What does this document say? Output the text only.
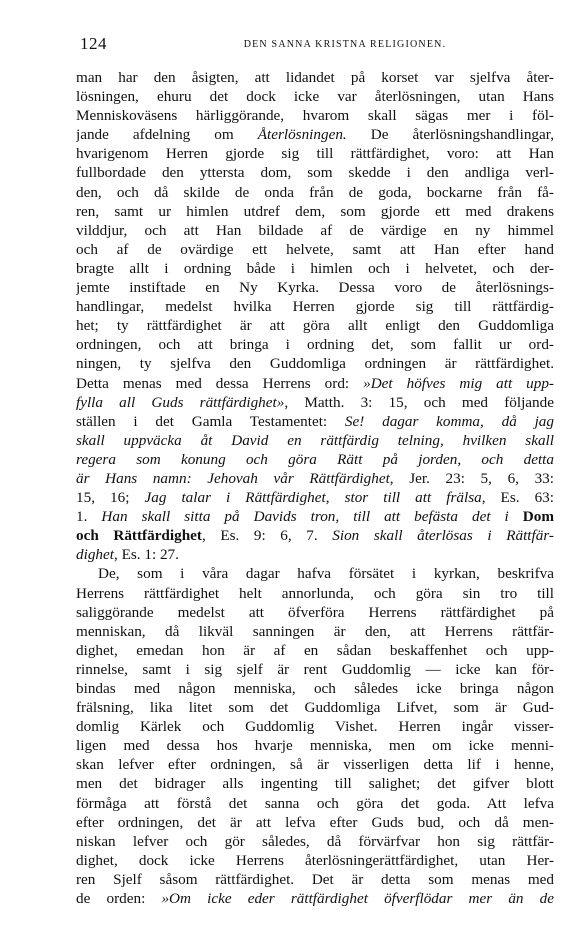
124	DEN SANNA KRISTNA RELIGIONEN.
man har den åsigten, att lidandet på korset var sjelfva åter-
lösningen, ehuru det dock icke var återlösningen, utan Hans
Menniskoväsens härliggörande, hvarom skall sägas mer i föl-
jande afdelning om Återlösningen. De återlösningshandlingar,
hvarigenom Herren gjorde sig till rättfärdighet, voro: att Han
fullbordade den yttersta dom, som skedde i den andliga verl-
den, och då skilde de onda från de goda, bockarne från få-
ren, samt ur himlen utdref dem, som gjorde ett med drakens
vilddjur, och att Han bildade af de värdige en ny himmel
och af de ovärdige ett helvete, samt att Han efter hand
bragte allt i ordning både i himlen och i helvetet, och der-
jemte instiftade en Ny Kyrka. Dessa voro de återlösnings-
handlingar, medelst hvilka Herren gjorde sig till rättfärdig-
het; ty rättfärdighet är att göra allt enligt den Guddomliga
ordningen, och att bringa i ordning det, som fallit ur ord-
ningen, ty sjelfva den Guddomliga ordningen är rättfärdighet.
Detta menas med dessa Herrens ord: »Det höfves mig att upp-
fylla all Guds rättfärdighet», Matth. 3: 15, och med följande
ställen i det Gamla Testamentet: Se! dagar komma, då jag
skall uppväcka åt David en rättfärdig telning, hvilken skall
regera som konung och göra Rätt på jorden, och detta
är Hans namn: Jehovah vår Rättfärdighet, Jer. 23: 5, 6, 33:
15, 16; Jag talar i Rättfärdighet, stor till att frälsa, Es. 63:
1. Han skall sitta på Davids tron, till att befästa det i Dom
och Rättfärdighet, Es. 9: 6, 7. Sion skall återlösas i Rättfär-
dighet, Es. 1: 27.
De, som i våra dagar hafva försätet i kyrkan, beskrifva
Herrens rättfärdighet helt annorlunda, och göra sin tro till
saliggörande medelst att öfverföra Herrens rättfärdighet på
menniskan, då likväl sanningen är den, att Herrens rättfär-
dighet, emedan hon är af en sådan beskaffenhet och upp-
rinnelse, samt i sig sjelf är rent Guddomlig — icke kan för-
bindas med någon menniska, och således icke bringa någon
frälsning, lika litet som det Guddomliga Lifvet, som är Gud-
domlig Kärlek och Guddomlig Vishet. Herren ingår visser-
ligen med dessa hos hvarje menniska, men om icke menni-
skan lefver efter ordningen, så är visserligen detta lif i henne,
men det bidrager alls ingenting till salighet; det gifver blott
förmåga att förstå det sanna och göra det goda. Att lefva
efter ordningen, det är att lefva efter Guds bud, och då men-
niskan lefver och gör således, då förvärfvar hon sig rättfär-
dighet, dock icke Herrens återlösningerättfärdighet, utan Her-
ren Sjelf såsom rättfärdighet. Det är detta som menas med
de orden: »Om icke eder rättfärdighet öfverflödar mer än de
